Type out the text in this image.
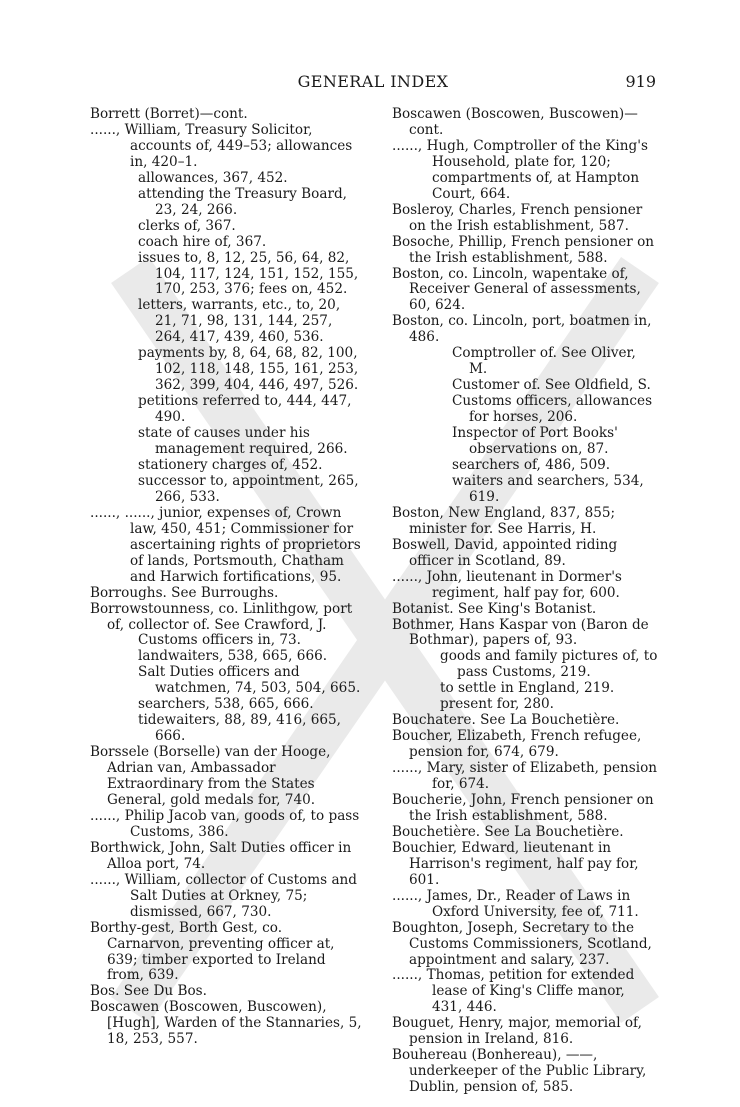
GENERAL INDEX	919

Borrett (Borret)—cont.

......, William, Treasury Solicitor, accounts of, 449–53; allowances in, 420–1.

allowances, 367, 452.

attending the Treasury Board, 23, 24, 266.

clerks of, 367.

coach hire of, 367.

issues to, 8, 12, 25, 56, 64, 82, 104, 117, 124, 151, 152, 155, 170, 253, 376; fees on, 452.

letters, warrants, etc., to, 20, 21, 71, 98, 131, 144, 257, 264, 417, 439, 460, 536.

payments by, 8, 64, 68, 82, 100, 102, 118, 148, 155, 161, 253, 362, 399, 404, 446, 497, 526.

petitions referred to, 444, 447, 490.

state of causes under his management required, 266.

stationery charges of, 452.

successor to, appointment, 265, 266, 533.

......, ......, junior, expenses of, Crown law, 450, 451; Commissioner for ascertaining rights of proprietors of lands, Portsmouth, Chatham and Harwich fortifications, 95.

Borroughs. See Burroughs.

Borrowstounness, co. Linlithgow, port of, collector of. See Crawford, J.

Customs officers in, 73.

landwaiters, 538, 665, 666.

Salt Duties officers and watchmen, 74, 503, 504, 665.

searchers, 538, 665, 666.

tidewaiters, 88, 89, 416, 665, 666.

Borssele (Borselle) van der Hooge, Adrian van, Ambassador Extraordinary from the States General, gold medals for, 740.

......, Philip Jacob van, goods of, to pass Customs, 386.

Borthwick, John, Salt Duties officer in Alloa port, 74.

......, William, collector of Customs and Salt Duties at Orkney, 75; dismissed, 667, 730.

Borthy-gest, Borth Gest, co. Carnarvon, preventing officer at, 639; timber exported to Ireland from, 639.

Bos. See Du Bos.

Boscawen (Boscowen, Buscowen), [Hugh], Warden of the Stannaries, 5, 18, 253, 557.

Boscawen (Boscowen, Buscowen)—cont.

......, Hugh, Comptroller of the King's Household, plate for, 120; compartments of, at Hampton Court, 664.

Bosleroy, Charles, French pensioner on the Irish establishment, 587.

Bosoche, Phillip, French pensioner on the Irish establishment, 588.

Boston, co. Lincoln, wapentake of, Receiver General of assessments, 60, 624.

Boston, co. Lincoln, port, boatmen in, 486.

Comptroller of. See Oliver, M.

Customer of. See Oldfield, S.

Customs officers, allowances for horses, 206.

Inspector of Port Books' observations on, 87.

searchers of, 486, 509.

waiters and searchers, 534, 619.

Boston, New England, 837, 855; minister for. See Harris, H.

Boswell, David, appointed riding officer in Scotland, 89.

......, John, lieutenant in Dormer's regiment, half pay for, 600.

Botanist. See King's Botanist.

Bothmer, Hans Kaspar von (Baron de Bothmar), papers of, 93.

goods and family pictures of, to pass Customs, 219.

to settle in England, 219.

present for, 280.

Bouchatere. See La Bouchetière.

Boucher, Elizabeth, French refugee, pension for, 674, 679.

......, Mary, sister of Elizabeth, pension for, 674.

Boucherie, John, French pensioner on the Irish establishment, 588.

Bouchetière. See La Bouchetière.

Bouchier, Edward, lieutenant in Harrison's regiment, half pay for, 601.

......, James, Dr., Reader of Laws in Oxford University, fee of, 711.

Boughton, Joseph, Secretary to the Customs Commissioners, Scotland, appointment and salary, 237.

......, Thomas, petition for extended lease of King's Cliffe manor, 431, 446.

Bouguet, Henry, major, memorial of, pension in Ireland, 816.

Bouhereau (Bonhereau), ——, underkeeper of the Public Library, Dublin, pension of, 585.
